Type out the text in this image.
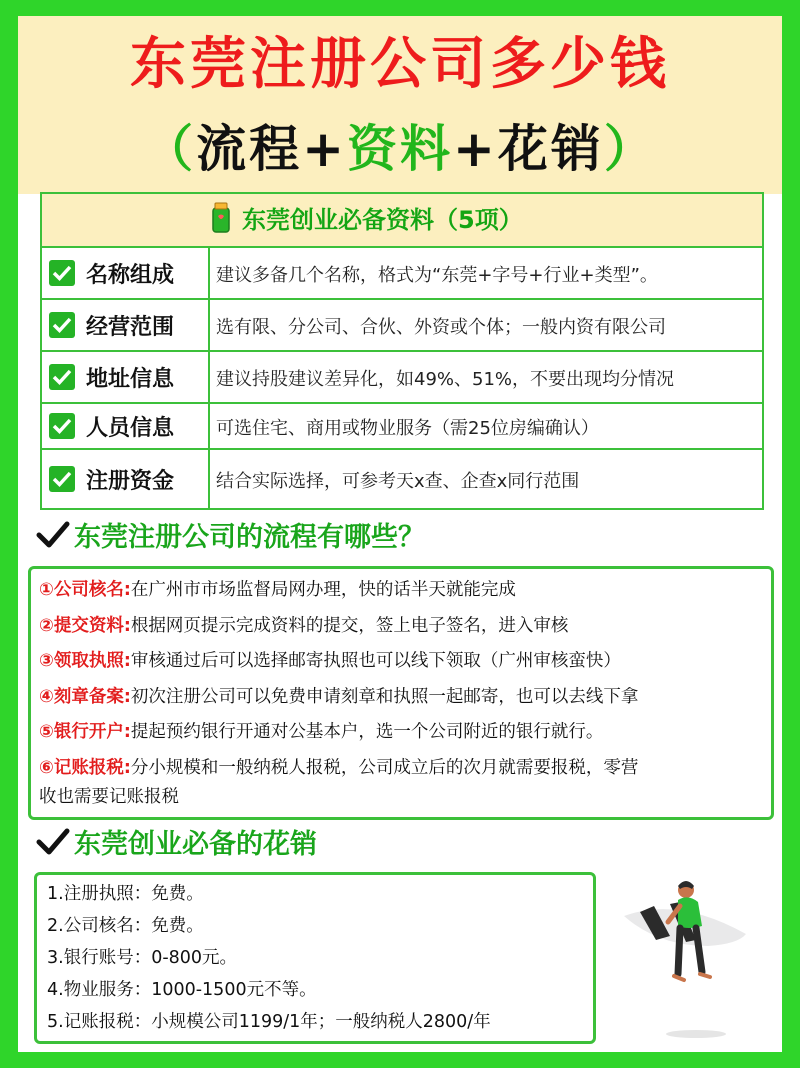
东莞注册公司多少钱
（流程+资料+花销）
东莞创业必备资料（5项）
名称组成 建议多备几个名称，格式为“东莞+字号+行业+类型”。
经营范围 选有限、分公司、合伙、外资或个体；一般内资有限公司
地址信息 建议持股建议差异化，如49%、51%，不要出现均分情况
人员信息 可选住宅、商用或物业服务（需25位房编确认）
注册资金 结合实际选择，可参考天x查、企查x同行范围
东莞注册公司的流程有哪些？
①公司核名:在广州市市场监督局网办理，快的话半天就能完成
②提交资料:根据网页提示完成资料的提交，签上电子签名，进入审核
③领取执照:审核通过后可以选择邮寄执照也可以线下领取（广州审核蛮快）
④刻章备案:初次注册公司可以免费申请刻章和执照一起邮寄，也可以去线下拿
⑤银行开户:提起预约银行开通对公基本户，选一个公司附近的银行就行。
⑥记账报税:分小规模和一般纳税人报税，公司成立后的次月就需要报税，零营
收也需要记账报税
东莞创业必备的花销
1.注册执照：免费。
2.公司核名：免费。
3.银行账号：0-800元。
4.物业服务：1000-1500元不等。
5.记账报税：小规模公司1199/1年；一般纳税人2800/年
